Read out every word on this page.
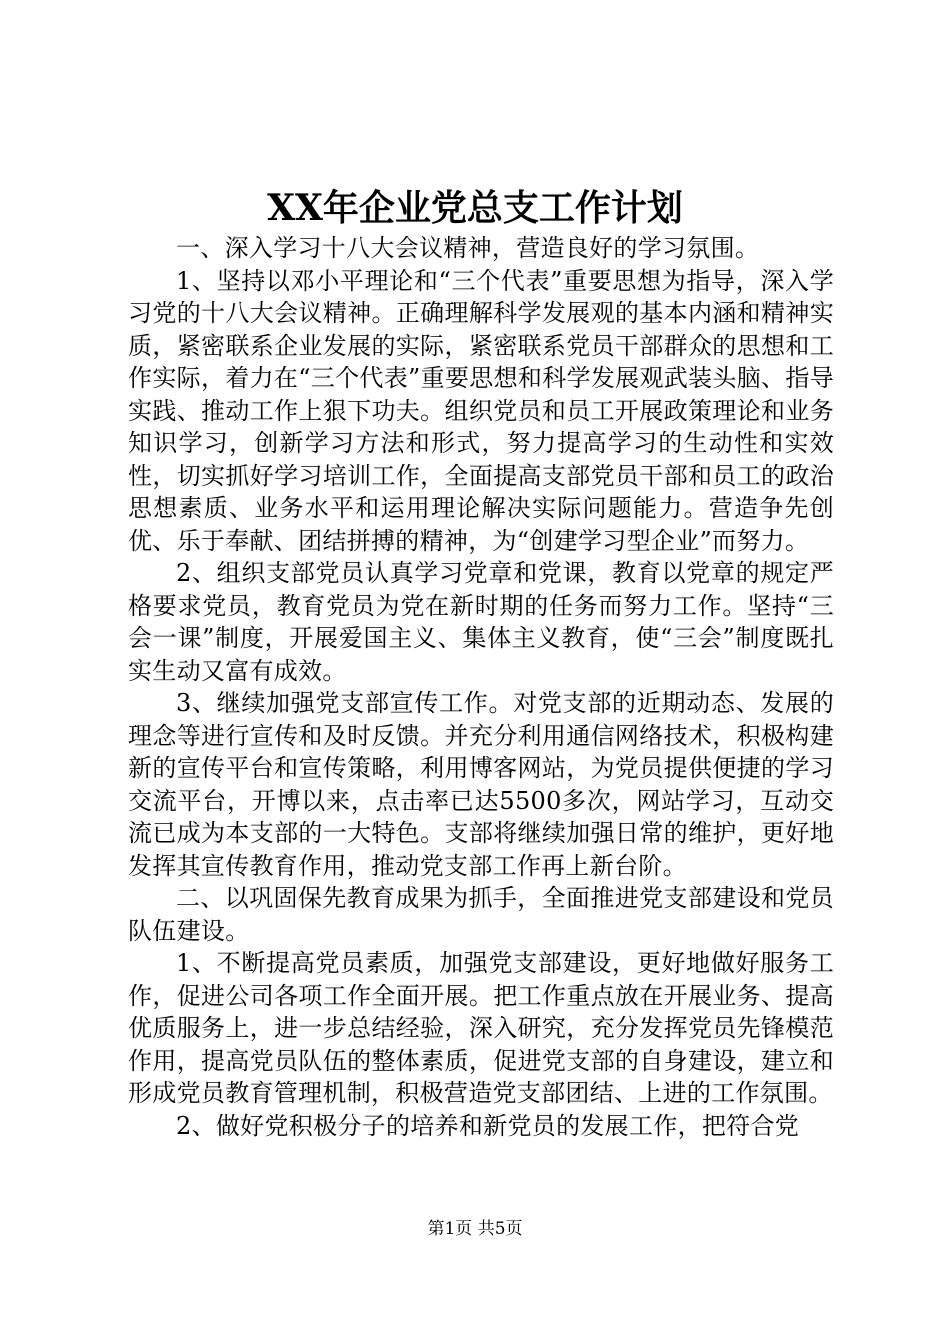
XX年企业党总支工作计划

一、深入学习十八大会议精神，营造良好的学习氛围。

1、坚持以邓小平理论和“三个代表”重要思想为指导，深入学习党的十八大会议精神。正确理解科学发展观的基本内涵和精神实质，紧密联系企业发展的实际，紧密联系党员干部群众的思想和工作实际，着力在“三个代表”重要思想和科学发展观武装头脑、指导实践、推动工作上狠下功夫。组织党员和员工开展政策理论和业务知识学习，创新学习方法和形式，努力提高学习的生动性和实效性，切实抓好学习培训工作，全面提高支部党员干部和员工的政治思想素质、业务水平和运用理论解决实际问题能力。营造争先创优、乐于奉献、团结拼搏的精神，为“创建学习型企业”而努力。

2、组织支部党员认真学习党章和党课，教育以党章的规定严格要求党员，教育党员为党在新时期的任务而努力工作。坚持“三会一课”制度，开展爱国主义、集体主义教育，使“三会”制度既扎实生动又富有成效。

3、继续加强党支部宣传工作。对党支部的近期动态、发展的理念等进行宣传和及时反馈。并充分利用通信网络技术，积极构建新的宣传平台和宣传策略，利用博客网站，为党员提供便捷的学习交流平台，开博以来，点击率已达5500多次，网站学习，互动交流已成为本支部的一大特色。支部将继续加强日常的维护，更好地发挥其宣传教育作用，推动党支部工作再上新台阶。

二、以巩固保先教育成果为抓手，全面推进党支部建设和党员队伍建设。

1、不断提高党员素质，加强党支部建设，更好地做好服务工作，促进公司各项工作全面开展。把工作重点放在开展业务、提高优质服务上，进一步总结经验，深入研究，充分发挥党员先锋模范作用，提高党员队伍的整体素质，促进党支部的自身建设，建立和形成党员教育管理机制，积极营造党支部团结、上进的工作氛围。

2、做好党积极分子的培养和新党员的发展工作，把符合党

第1页 共5页
